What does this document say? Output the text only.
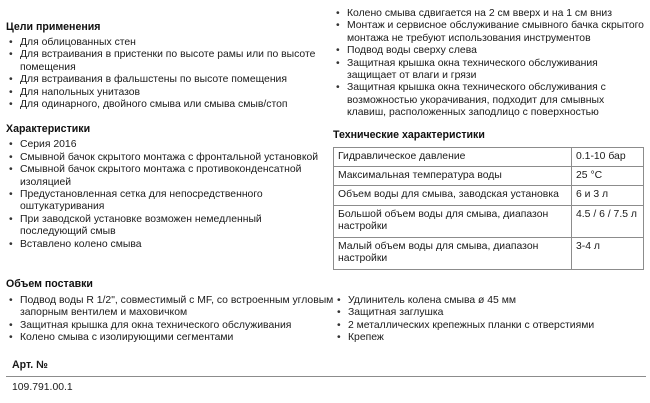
Цели применения
• Для облицованных стен
• Для встраивания в пристенки по высоте рамы или по высоте помещения
• Для встраивания в фальшстены по высоте помещения
• Для напольных унитазов
• Для одинарного, двойного смыва или смыва смыв/стоп
Характеристики
• Серия 2016
• Смывной бачок скрытого монтажа с фронтальной установкой
• Смывной бачок скрытого монтажа с противоконденсатной изоляцией
• Предустановленная сетка для непосредственного оштукатуривания
• При заводской установке возможен немедленный последующий смыв
• Вставлено колено смыва
• Колено смыва сдвигается на 2 см вверх и на 1 см вниз
• Монтаж и сервисное обслуживание смывного бачка скрытого монтажа не требуют использования инструментов
• Подвод воды сверху слева
• Защитная крышка окна технического обслуживания защищает от влаги и грязи
• Защитная крышка окна технического обслуживания с возможностью укорачивания, подходит для смывных клавиш, расположенных заподлицо с поверхностью
Технические характеристики
Гидравлическое давление	0.1-10 бар
Максимальная температура воды	25 °C
Объем воды для смыва, заводская установка	6 и 3 л
Большой объем воды для смыва, диапазон настройки	4.5 / 6 / 7.5 л
Малый объем воды для смыва, диапазон настройки	3-4 л
Объем поставки
• Подвод воды R 1/2", совместимый с MF, со встроенным угловым запорным вентилем и маховичком
• Защитная крышка для окна технического обслуживания
• Колено смыва с изолирующими сегментами
• Удлинитель колена смыва ø 45 мм
• Защитная заглушка
• 2 металлических крепежных планки с отверстиями
• Крепеж
Арт. №
109.791.00.1
